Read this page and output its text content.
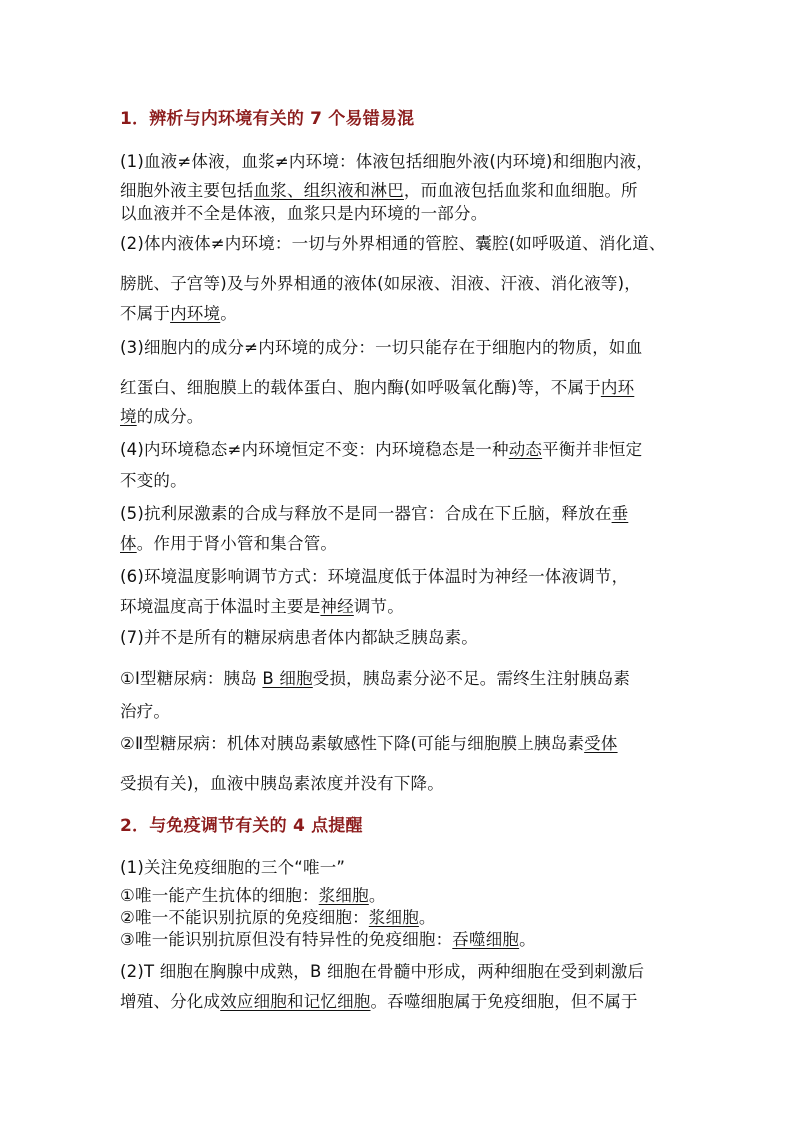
1．辨析与内环境有关的 7 个易错易混
(1)血液≠体液，血浆≠内环境：体液包括细胞外液(内环境)和细胞内液，
细胞外液主要包括血浆、组织液和淋巴，而血液包括血浆和血细胞。所
以血液并不全是体液，血浆只是内环境的一部分。
(2)体内液体≠内环境：一切与外界相通的管腔、囊腔(如呼吸道、消化道、
膀胱、子宫等)及与外界相通的液体(如尿液、泪液、汗液、消化液等)，
不属于内环境。
(3)细胞内的成分≠内环境的成分：一切只能存在于细胞内的物质，如血
红蛋白、细胞膜上的载体蛋白、胞内酶(如呼吸氧化酶)等，不属于内环
境的成分。
(4)内环境稳态≠内环境恒定不变：内环境稳态是一种动态平衡并非恒定
不变的。
(5)抗利尿激素的合成与释放不是同一器官：合成在下丘脑，释放在垂
体。作用于肾小管和集合管。
(6)环境温度影响调节方式：环境温度低于体温时为神经一体液调节，
环境温度高于体温时主要是神经调节。
(7)并不是所有的糖尿病患者体内都缺乏胰岛素。
①Ⅰ型糖尿病：胰岛 B 细胞受损，胰岛素分泌不足。需终生注射胰岛素
治疗。
②Ⅱ型糖尿病：机体对胰岛素敏感性下降(可能与细胞膜上胰岛素受体
受损有关)，血液中胰岛素浓度并没有下降。
2．与免疫调节有关的 4 点提醒
(1)关注免疫细胞的三个“唯一”
①唯一能产生抗体的细胞：浆细胞。
②唯一不能识别抗原的免疫细胞：浆细胞。
③唯一能识别抗原但没有特异性的免疫细胞：吞噬细胞。
(2)T 细胞在胸腺中成熟，B 细胞在骨髓中形成，两种细胞在受到刺激后
增殖、分化成效应细胞和记忆细胞。吞噬细胞属于免疫细胞，但不属于
